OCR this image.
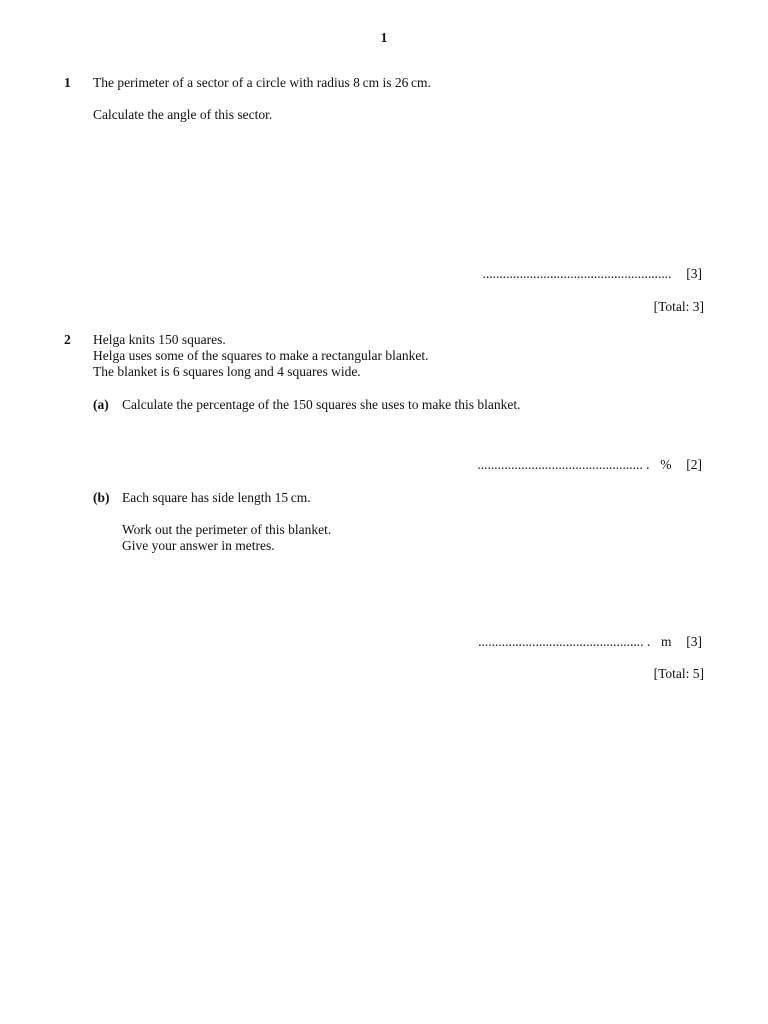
1
1 The perimeter of a sector of a circle with radius 8 cm is 26 cm.
Calculate the angle of this sector.
........................................................ [3]
[Total: 3]
2 Helga knits 150 squares.
Helga uses some of the squares to make a rectangular blanket.
The blanket is 6 squares long and 4 squares wide.
(a) Calculate the percentage of the 150 squares she uses to make this blanket.
................................................. . % [2]
(b) Each square has side length 15 cm.
Work out the perimeter of this blanket.
Give your answer in metres.
................................................. . m [3]
[Total: 5]
